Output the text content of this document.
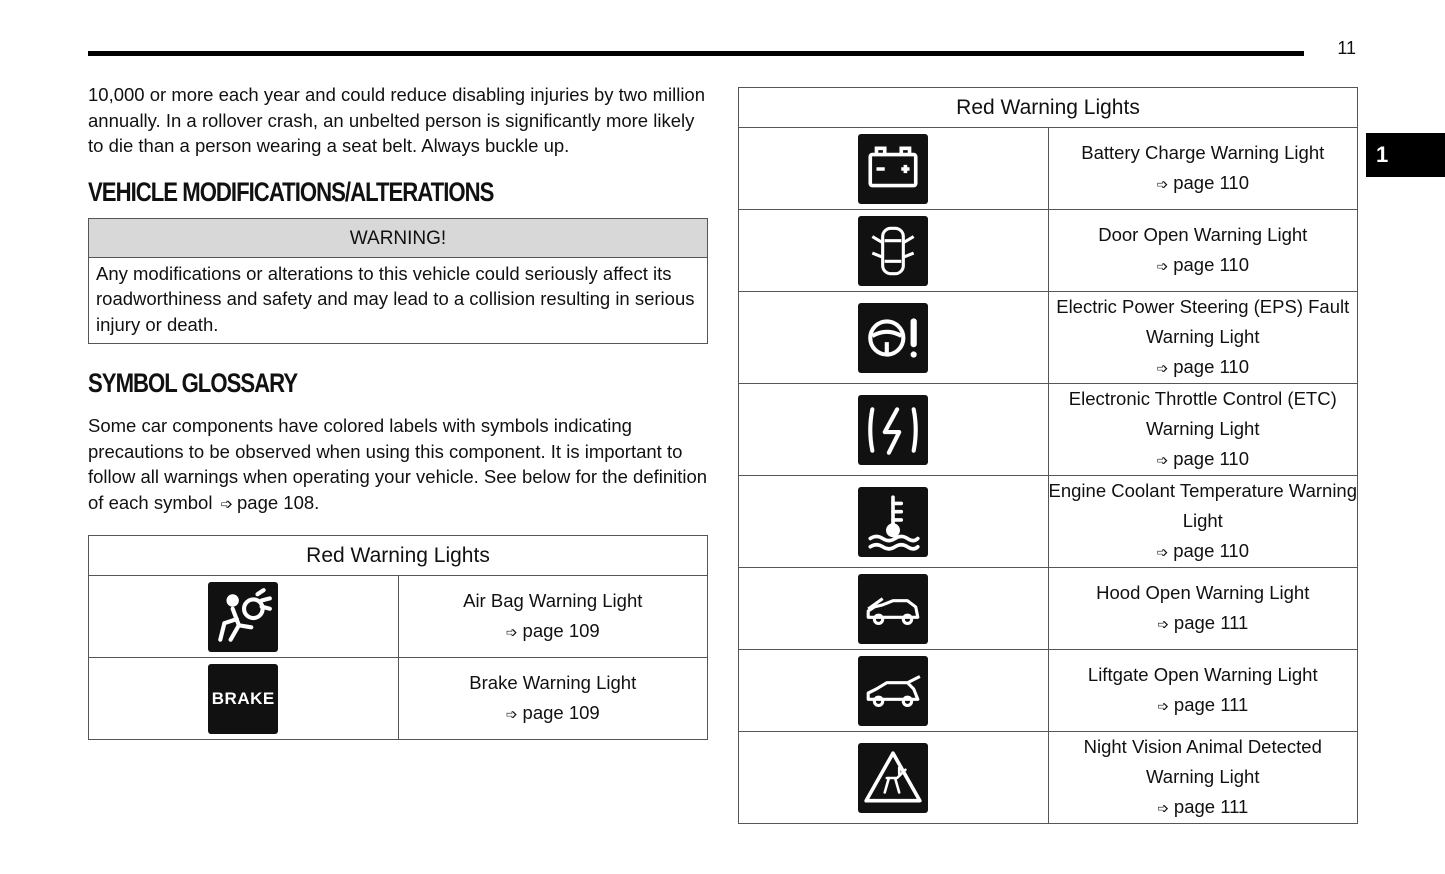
11
1

10,000 or more each year and could reduce disabling injuries by two million annually. In a rollover crash, an unbelted person is significantly more likely to die than a person wearing a seat belt. Always buckle up.

VEHICLE MODIFICATIONS/ALTERATIONS
WARNING!
Any modifications or alterations to this vehicle could seriously affect its roadworthiness and safety and may lead to a collision resulting in serious injury or death.
SYMBOL GLOSSARY

Some car components have colored labels with symbols indicating precautions to be observed when using this component. It is important to follow all warnings when operating your vehicle. See below for the definition of each symbol ➩ page 108.

Red Warning Lights	

Air Bag Warning Light
➩ page 109

BRAKE	Brake Warning Light
➩ page 109
Red Warning Lights	

Battery Charge Warning Light
➩ page 110

Door Open Warning Light
➩ page 110

Electric Power Steering (EPS) Fault Warning Light
➩ page 110

Electronic Throttle Control (ETC) Warning Light
➩ page 110

Engine Coolant Temperature Warning Light
➩ page 110

Hood Open Warning Light
➩ page 111

Liftgate Open Warning Light
➩ page 111

Night Vision Animal Detected Warning Light
➩ page 111
